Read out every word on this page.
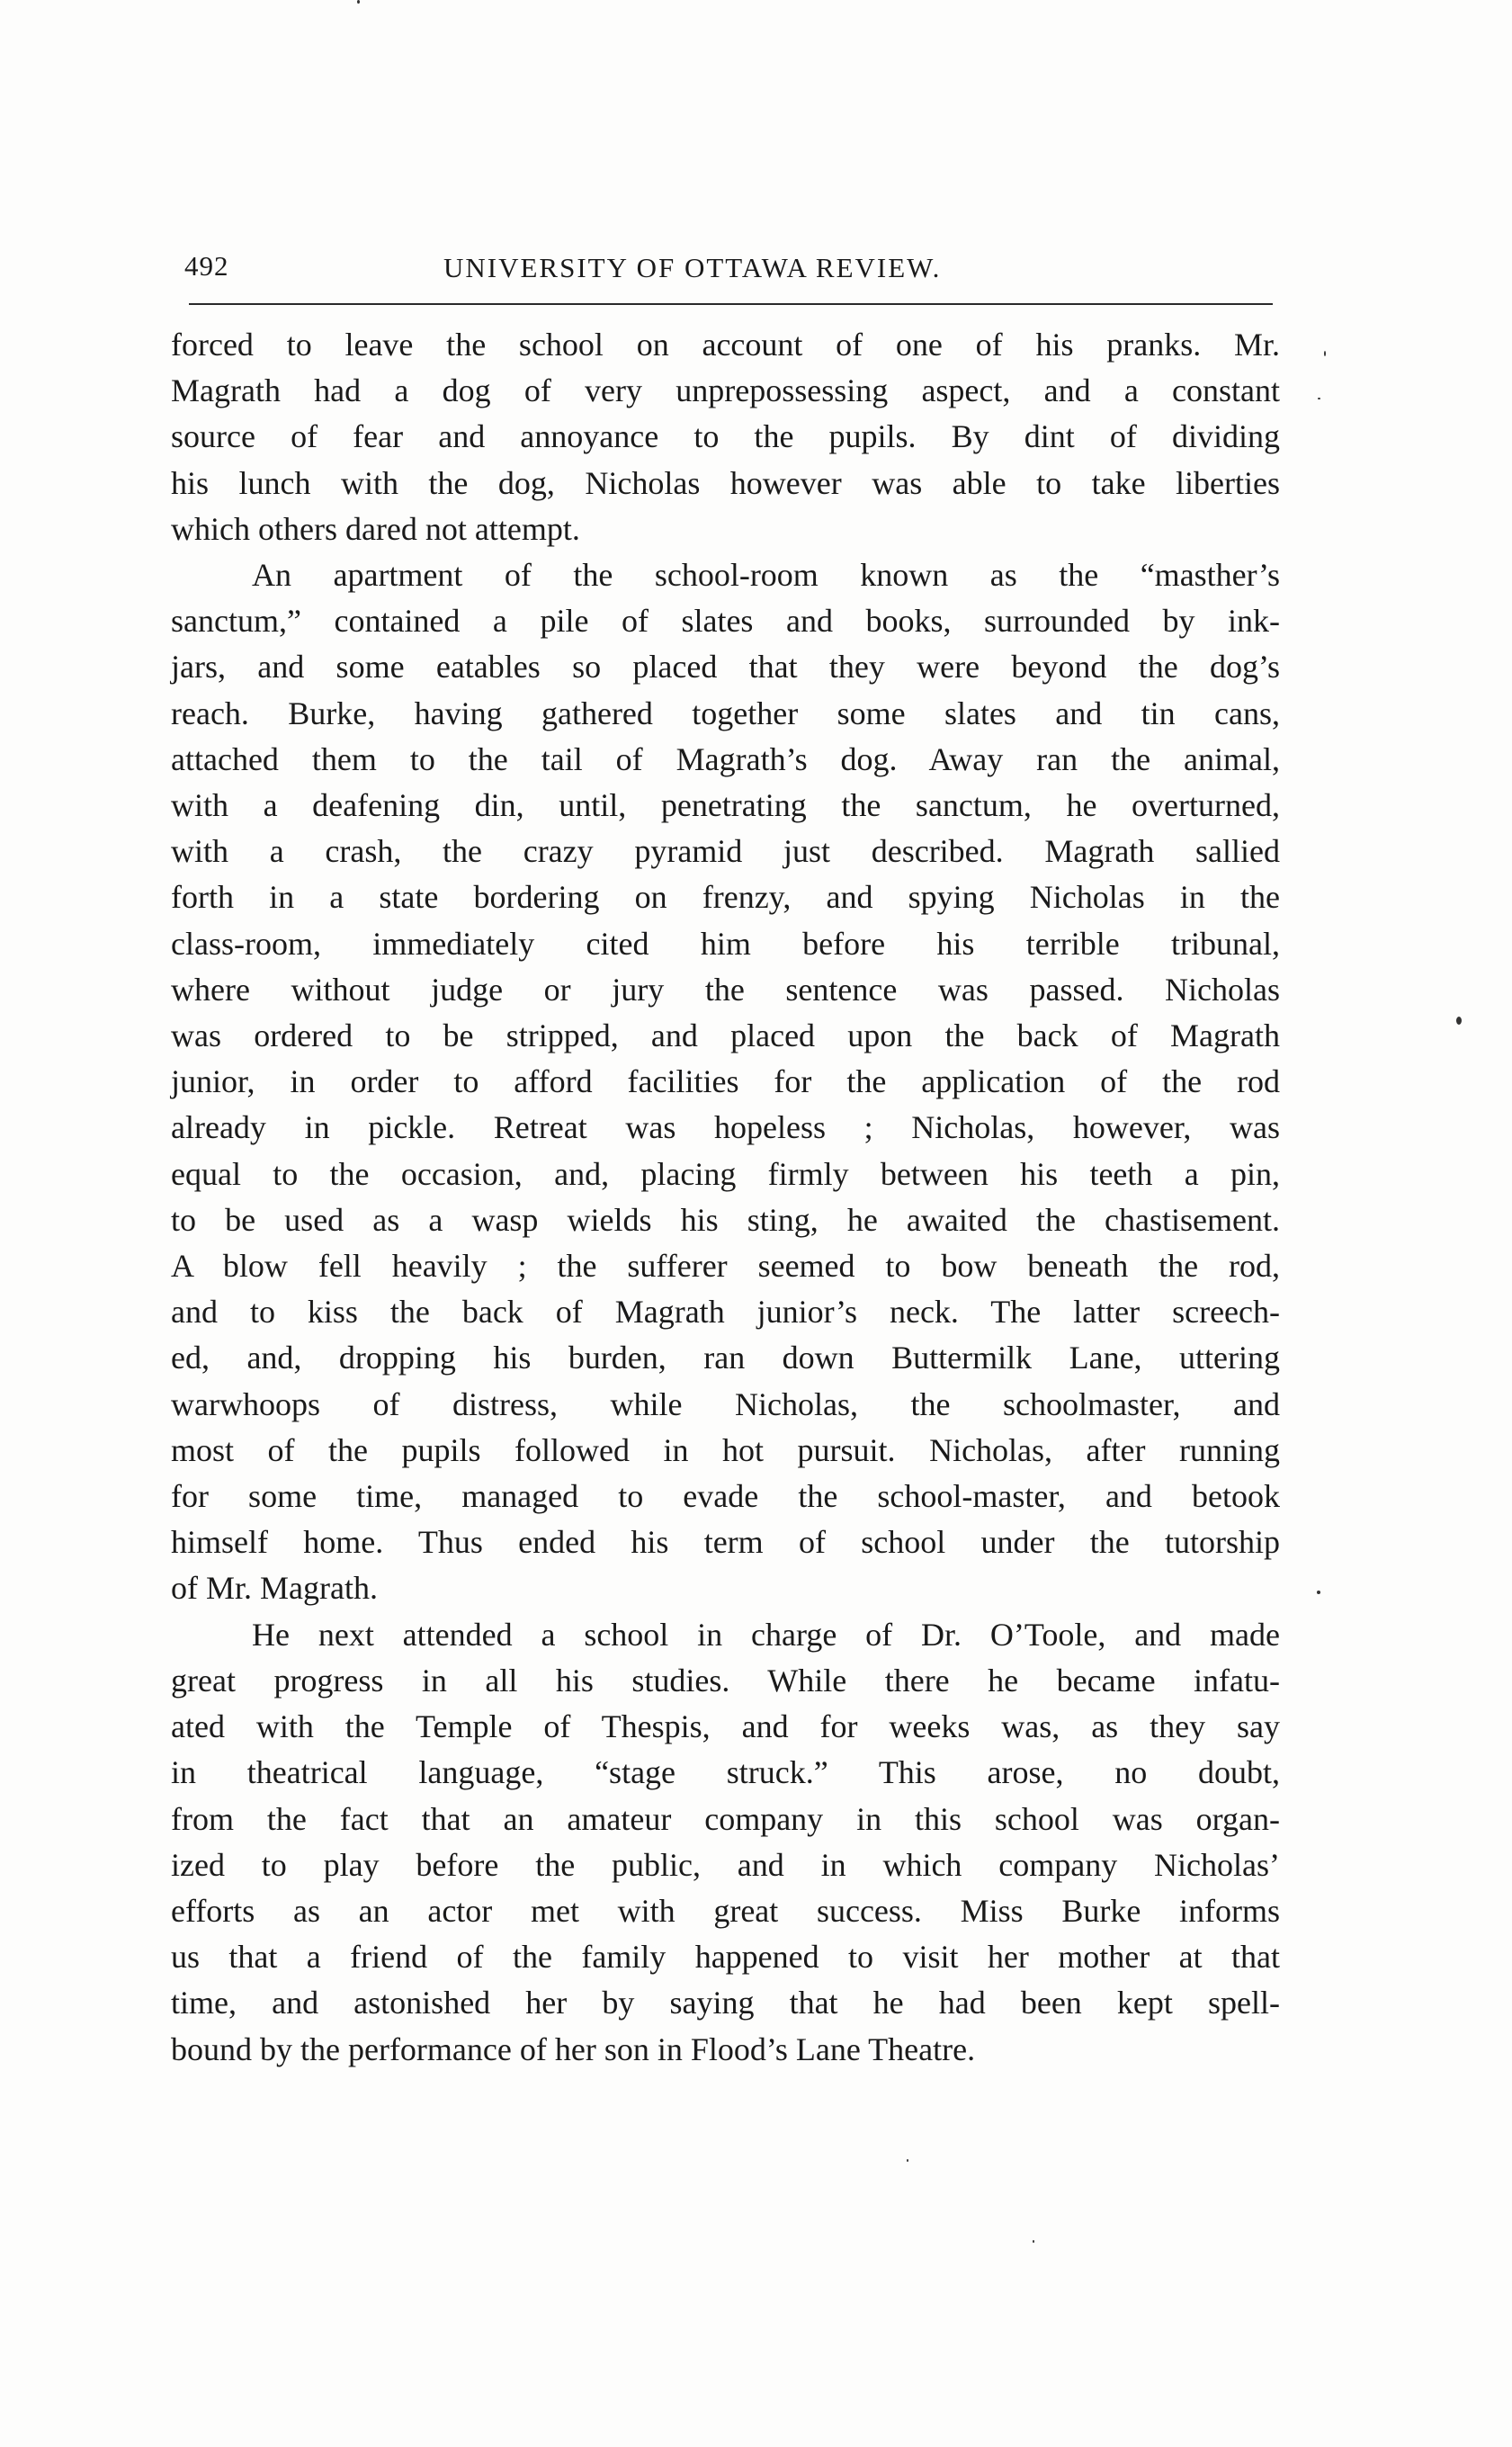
492	UNIVERSITY OF OTTAWA REVIEW.
forced to leave the school on account of one of his pranks. Mr.
Magrath had a dog of very unprepossessing aspect, and a constant
source of fear and annoyance to the pupils. By dint of dividing
his lunch with the dog, Nicholas however was able to take liberties
which others dared not attempt.
An apartment of the school-room known as the “masther’s
sanctum,” contained a pile of slates and books, surrounded by ink-
jars, and some eatables so placed that they were beyond the dog’s
reach. Burke, having gathered together some slates and tin cans,
attached them to the tail of Magrath’s dog. Away ran the animal,
with a deafening din, until, penetrating the sanctum, he overturned,
with a crash, the crazy pyramid just described. Magrath sallied
forth in a state bordering on frenzy, and spying Nicholas in the
class-room, immediately cited him before his terrible tribunal,
where without judge or jury the sentence was passed. Nicholas
was ordered to be stripped, and placed upon the back of Magrath
junior, in order to afford facilities for the application of the rod
already in pickle. Retreat was hopeless ; Nicholas, however, was
equal to the occasion, and, placing firmly between his teeth a pin,
to be used as a wasp wields his sting, he awaited the chastisement.
A blow fell heavily ; the sufferer seemed to bow beneath the rod,
and to kiss the back of Magrath junior’s neck. The latter screech-
ed, and, dropping his burden, ran down Buttermilk Lane, uttering
warwhoops of distress, while Nicholas, the schoolmaster, and
most of the pupils followed in hot pursuit. Nicholas, after running
for some time, managed to evade the school-master, and betook
himself home. Thus ended his term of school under the tutorship
of Mr. Magrath.
He next attended a school in charge of Dr. O’Toole, and made
great progress in all his studies. While there he became infatu-
ated with the Temple of Thespis, and for weeks was, as they say
in theatrical language, “stage struck.” This arose, no doubt,
from the fact that an amateur company in this school was organ-
ized to play before the public, and in which company Nicholas’
efforts as an actor met with great success. Miss Burke informs
us that a friend of the family happened to visit her mother at that
time, and astonished her by saying that he had been kept spell-
bound by the performance of her son in Flood’s Lane Theatre.
